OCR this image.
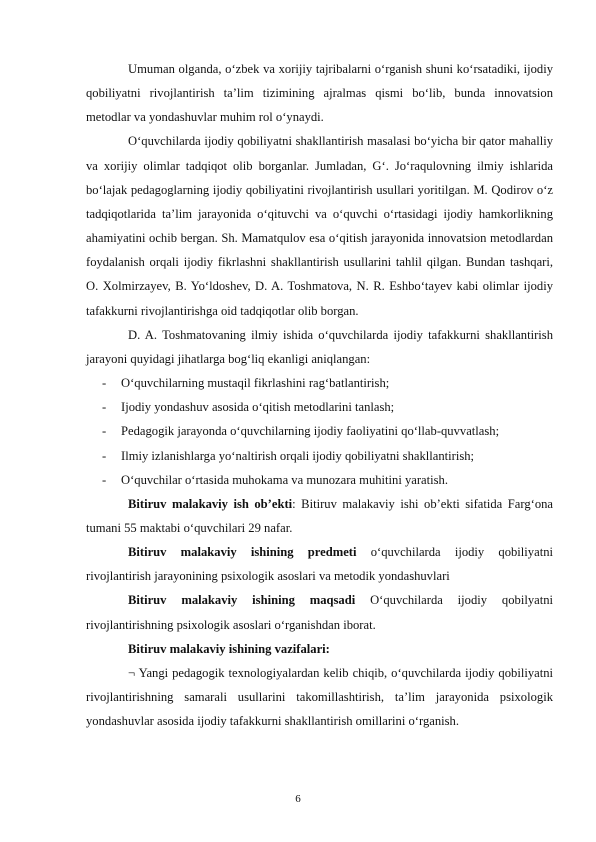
Umuman olganda, o‘zbek va xorijiy tajribalarni o‘rganish shuni ko‘rsatadiki, ijodiy qobiliyatni rivojlantirish ta’lim tizimining ajralmas qismi bo‘lib, bunda innovatsion metodlar va yondashuvlar muhim rol o‘ynaydi.

O‘quvchilarda ijodiy qobiliyatni shakllantirish masalasi bo‘yicha bir qator mahalliy va xorijiy olimlar tadqiqot olib borganlar. Jumladan, G‘. Jo‘raqulovning ilmiy ishlarida bo‘lajak pedagoglarning ijodiy qobiliyatini rivojlantirish usullari yoritilgan. M. Qodirov o‘z tadqiqotlarida ta’lim jarayonida o‘qituvchi va o‘quvchi o‘rtasidagi ijodiy hamkorlikning ahamiyatini ochib bergan. Sh. Mamatqulov esa o‘qitish jarayonida innovatsion metodlardan foydalanish orqali ijodiy fikrlashni shakllantirish usullarini tahlil qilgan. Bundan tashqari, O. Xolmirzayev, B. Yo‘ldoshev, D. A. Toshmatova, N. R. Eshbo‘tayev kabi olimlar ijodiy tafakkurni rivojlantirishga oid tadqiqotlar olib borgan.

D. A. Toshmatovaning ilmiy ishida o‘quvchilarda ijodiy tafakkurni shakllantirish jarayoni quyidagi jihatlarga bog‘liq ekanligi aniqlangan:

- O‘quvchilarning mustaqil fikrlashini rag‘batlantirish;

- Ijodiy yondashuv asosida o‘qitish metodlarini tanlash;

- Pedagogik jarayonda o‘quvchilarning ijodiy faoliyatini qo‘llab-quvvatlash;

- Ilmiy izlanishlarga yo‘naltirish orqali ijodiy qobiliyatni shakllantirish;

- O‘quvchilar o‘rtasida muhokama va munozara muhitini yaratish.

Bitiruv malakaviy ish ob’ekti: Bitiruv malakaviy ishi ob’ekti sifatida Farg‘ona tumani 55 maktabi o‘quvchilari 29 nafar.

Bitiruv malakaviy ishining predmeti o‘quvchilarda ijodiy qobiliyatni rivojlantirish jarayonining psixologik asoslari va metodik yondashuvlari

Bitiruv malakaviy ishining maqsadi O‘quvchilarda ijodiy qobilyatni rivojlantirishning psixologik asoslari o‘rganishdan iborat.

Bitiruv malakaviy ishining vazifalari:

¬ Yangi pedagogik texnologiyalardan kelib chiqib, o‘quvchilarda ijodiy qobiliyatni rivojlantirishning samarali usullarini takomillashtirish, ta’lim jarayonida psixologik yondashuvlar asosida ijodiy tafakkurni shakllantirish omillarini o‘rganish.

6
